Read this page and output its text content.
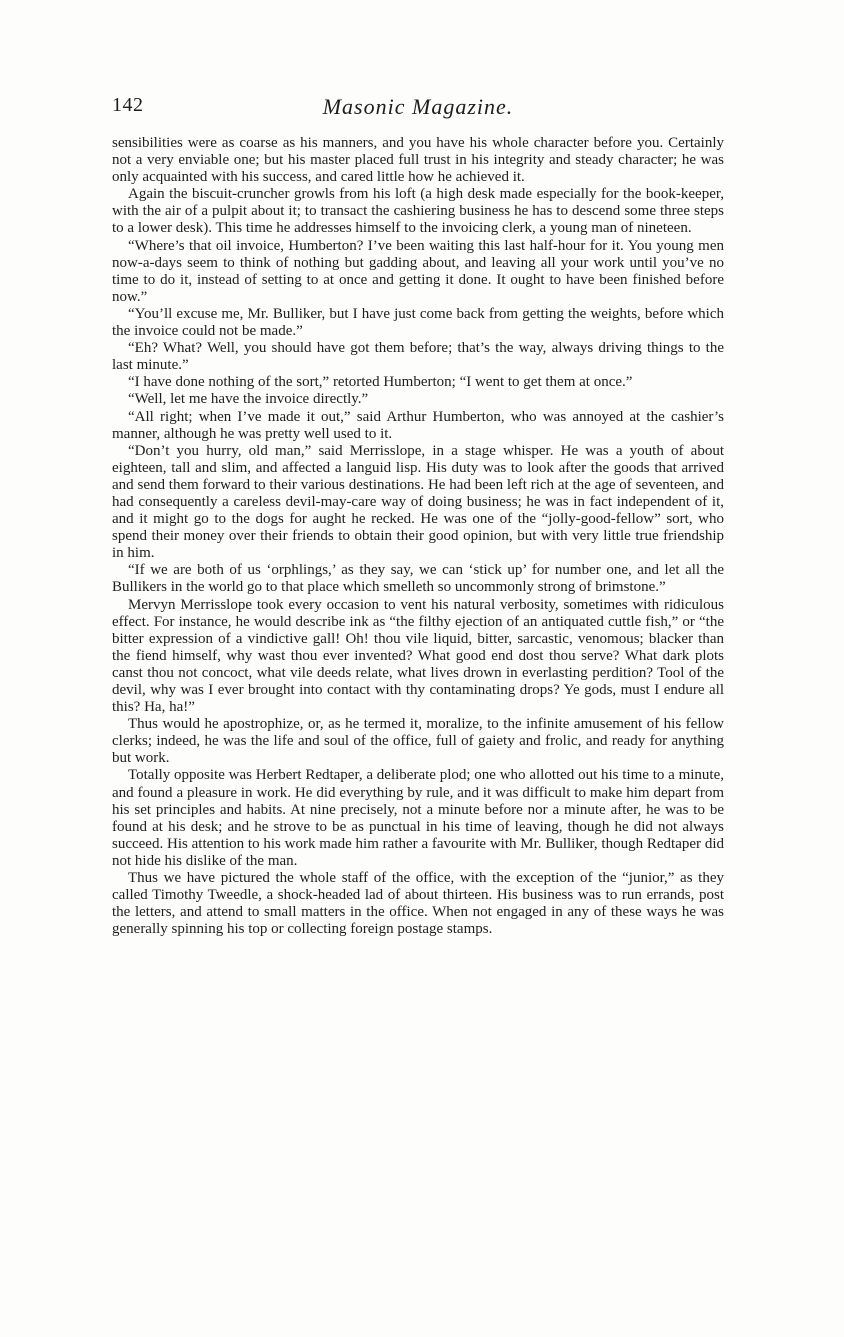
142	Masonic Magazine.

sensibilities were as coarse as his manners, and you have his whole character before you. Certainly not a very enviable one; but his master placed full trust in his integrity and steady character; he was only acquainted with his success, and cared little how he achieved it.

Again the biscuit-cruncher growls from his loft (a high desk made especially for the book-keeper, with the air of a pulpit about it; to transact the cashiering business he has to descend some three steps to a lower desk). This time he addresses himself to the invoicing clerk, a young man of nineteen.

“Where’s that oil invoice, Humberton? I’ve been waiting this last half-hour for it. You young men now-a-days seem to think of nothing but gadding about, and leaving all your work until you’ve no time to do it, instead of setting to at once and getting it done. It ought to have been finished before now.”

“You’ll excuse me, Mr. Bulliker, but I have just come back from getting the weights, before which the invoice could not be made.”

“Eh? What? Well, you should have got them before; that’s the way, always driving things to the last minute.”

“I have done nothing of the sort,” retorted Humberton; “I went to get them at once.”

“Well, let me have the invoice directly.”

“All right; when I’ve made it out,” said Arthur Humberton, who was annoyed at the cashier’s manner, although he was pretty well used to it.

“Don’t you hurry, old man,” said Merrisslope, in a stage whisper. He was a youth of about eighteen, tall and slim, and affected a languid lisp. His duty was to look after the goods that arrived and send them forward to their various destinations. He had been left rich at the age of seventeen, and had consequently a careless devil-may-care way of doing business; he was in fact independent of it, and it might go to the dogs for aught he recked. He was one of the “jolly-good-fellow” sort, who spend their money over their friends to obtain their good opinion, but with very little true friendship in him.

“If we are both of us ‘orphlings,’ as they say, we can ‘stick up’ for number one, and let all the Bullikers in the world go to that place which smelleth so uncommonly strong of brimstone.”

Mervyn Merrisslope took every occasion to vent his natural verbosity, sometimes with ridiculous effect. For instance, he would describe ink as “the filthy ejection of an antiquated cuttle fish,” or “the bitter expression of a vindictive gall! Oh! thou vile liquid, bitter, sarcastic, venomous; blacker than the fiend himself, why wast thou ever invented? What good end dost thou serve? What dark plots canst thou not concoct, what vile deeds relate, what lives drown in everlasting perdition? Tool of the devil, why was I ever brought into contact with thy contaminating drops? Ye gods, must I endure all this? Ha, ha!”

Thus would he apostrophize, or, as he termed it, moralize, to the infinite amusement of his fellow clerks; indeed, he was the life and soul of the office, full of gaiety and frolic, and ready for anything but work.

Totally opposite was Herbert Redtaper, a deliberate plod; one who allotted out his time to a minute, and found a pleasure in work. He did everything by rule, and it was difficult to make him depart from his set principles and habits. At nine precisely, not a minute before nor a minute after, he was to be found at his desk; and he strove to be as punctual in his time of leaving, though he did not always succeed. His attention to his work made him rather a favourite with Mr. Bulliker, though Redtaper did not hide his dislike of the man.

Thus we have pictured the whole staff of the office, with the exception of the “junior,” as they called Timothy Tweedle, a shock-headed lad of about thirteen. His business was to run errands, post the letters, and attend to small matters in the office. When not engaged in any of these ways he was generally spinning his top or collecting foreign postage stamps.
